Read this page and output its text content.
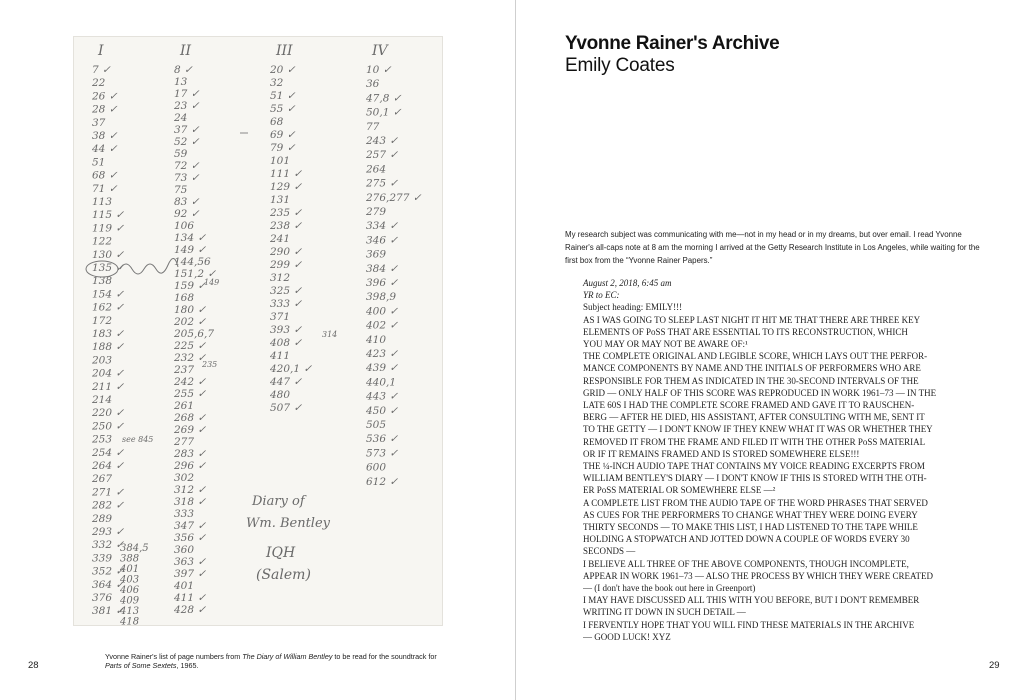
I
7 ✓
22
26 ✓
28 ✓
37
38 ✓
44 ✓
51
68 ✓
71 ✓
113
115 ✓
119 ✓
122
130 ✓
135 ✓
138
154 ✓
162 ✓
172
183 ✓
188 ✓
203
204 ✓
211 ✓
214
220 ✓
250 ✓
253
254 ✓
264 ✓
267
271 ✓
282 ✓
289
293 ✓
332 ✓
339
352 ✓
364 ✓
376
381 ✓
II
8 ✓
13
17 ✓
23 ✓
24
37 ✓
52 ✓
59
72 ✓
73 ✓
75
83 ✓
92 ✓
106
134 ✓
149 ✓
144,56
151,2 ✓
159 ✓
168
180 ✓
202 ✓
205,6,7
225 ✓
232 ✓
237
242 ✓
255 ✓
261
268 ✓
269 ✓
277
283 ✓
296 ✓
302
312 ✓
318 ✓
333
347 ✓
356 ✓
360
363 ✓
397 ✓
401
411 ✓
428 ✓
III
20 ✓
32
51 ✓
55 ✓
68
69 ✓
79 ✓
101
111 ✓
129 ✓
131
235 ✓
238 ✓
241
290 ✓
299 ✓
312
325 ✓
333 ✓
371
393 ✓
408 ✓
411
420,1 ✓
447 ✓
480
507 ✓
IV
10 ✓
36
47,8 ✓
50,1 ✓
77
243 ✓
257 ✓
264
275 ✓
276,277 ✓
279
334 ✓
346 ✓
369
384 ✓
396 ✓
398,9
400 ✓
402 ✓
410
423 ✓
439 ✓
440,1
443 ✓
450 ✓
505
536 ✓
573 ✓
600
612 ✓
384,5
388
401
403
406
409
413
418
149
235
314
see 845
Diary of
Wm. Bentley
IQH
(Salem)
Yvonne Rainer's list of page numbers from The Diary of William Bentley to be read for the soundtrack for
Parts of Some Sextets, 1965.
28	29
Yvonne Rainer's Archive
Emily Coates
My research subject was communicating with me—not in my head or in my dreams, but over email. I read Yvonne Rainer's all-caps note at 8 am the morning I arrived at the Getty Research Institute in Los Angeles, while waiting for the first box from the “Yvonne Rainer Papers.”
August 2, 2018, 6:45 am
YR to EC:
Subject heading: EMILY!!!
AS I WAS GOING TO SLEEP LAST NIGHT IT HIT ME THAT THERE ARE THREE KEY
ELEMENTS OF PoSS THAT ARE ESSENTIAL TO ITS RECONSTRUCTION, WHICH
YOU MAY OR MAY NOT BE AWARE OF:¹
THE COMPLETE ORIGINAL AND LEGIBLE SCORE, WHICH LAYS OUT THE PERFOR-
MANCE COMPONENTS BY NAME AND THE INITIALS OF PERFORMERS WHO ARE
RESPONSIBLE FOR THEM AS INDICATED IN THE 30-SECOND INTERVALS OF THE
GRID — ONLY HALF OF THIS SCORE WAS REPRODUCED IN WORK 1961–73 — IN THE
LATE 60S I HAD THE COMPLETE SCORE FRAMED AND GAVE IT TO RAUSCHEN-
BERG — AFTER HE DIED, HIS ASSISTANT, AFTER CONSULTING WITH ME, SENT IT
TO THE GETTY — I DON'T KNOW IF THEY KNEW WHAT IT WAS OR WHETHER THEY
REMOVED IT FROM THE FRAME AND FILED IT WITH THE OTHER PoSS MATERIAL
OR IF IT REMAINS FRAMED AND IS STORED SOMEWHERE ELSE!!!
THE ¼-INCH AUDIO TAPE THAT CONTAINS MY VOICE READING EXCERPTS FROM
WILLIAM BENTLEY'S DIARY — I DON'T KNOW IF THIS IS STORED WITH THE OTH-
ER PoSS MATERIAL OR SOMEWHERE ELSE —²
A COMPLETE LIST FROM THE AUDIO TAPE OF THE WORD PHRASES THAT SERVED
AS CUES FOR THE PERFORMERS TO CHANGE WHAT THEY WERE DOING EVERY
THIRTY SECONDS — TO MAKE THIS LIST, I HAD LISTENED TO THE TAPE WHILE
HOLDING A STOPWATCH AND JOTTED DOWN A COUPLE OF WORDS EVERY 30
SECONDS —
I BELIEVE ALL THREE OF THE ABOVE COMPONENTS, THOUGH INCOMPLETE,
APPEAR IN WORK 1961–73 — ALSO THE PROCESS BY WHICH THEY WERE CREATED
— (I don't have the book out here in Greenport)
I MAY HAVE DISCUSSED ALL THIS WITH YOU BEFORE, BUT I DON'T REMEMBER
WRITING IT DOWN IN SUCH DETAIL —
I FERVENTLY HOPE THAT YOU WILL FIND THESE MATERIALS IN THE ARCHIVE
— GOOD LUCK! XYZ
